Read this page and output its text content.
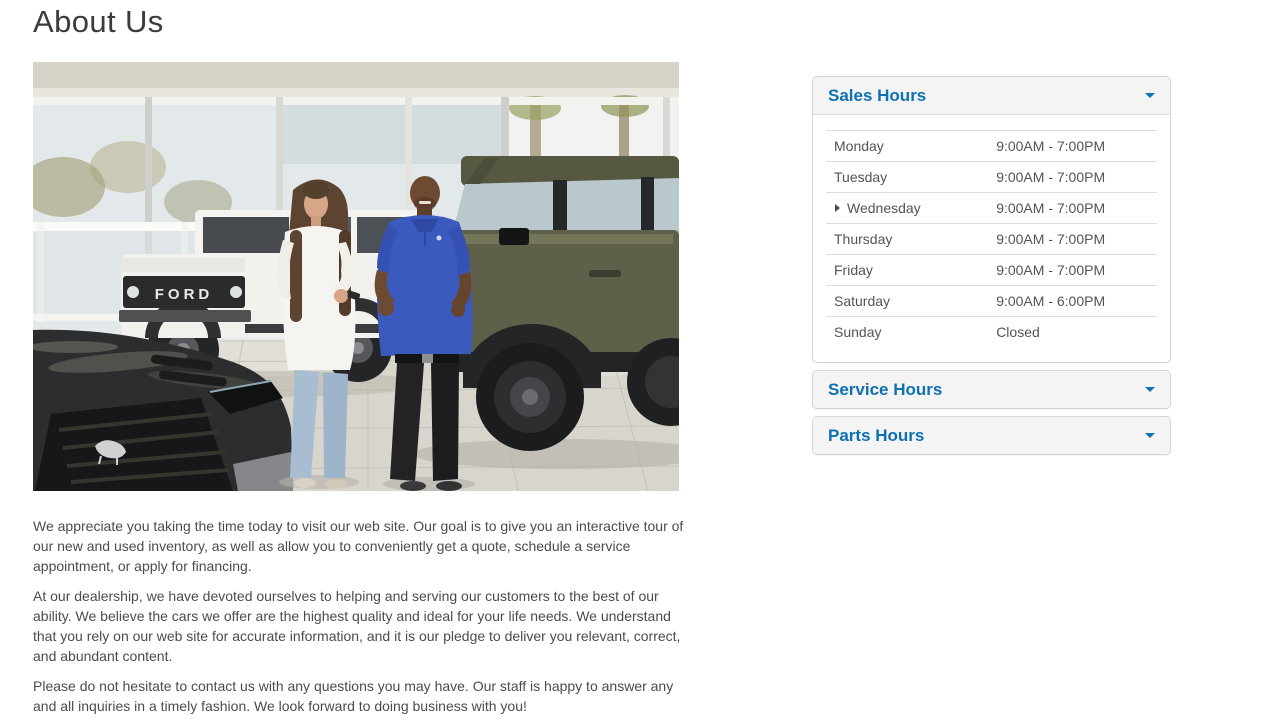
About Us
FORD

We appreciate you taking the time today to visit our web site. Our goal is to give you an interactive tour of our new and used inventory, as well as allow you to conveniently get a quote, schedule a service appointment, or apply for financing.

At our dealership, we have devoted ourselves to helping and serving our customers to the best of our ability. We believe the cars we offer are the highest quality and ideal for your life needs. We understand that you rely on our web site for accurate information, and it is our pledge to deliver you relevant, correct, and abundant content.

Please do not hesitate to contact us with any questions you may have. Our staff is happy to answer any and all inquiries in a timely fashion. We look forward to doing business with you!

Sales Hours
Monday	9:00AM - 7:00PM
Tuesday	9:00AM - 7:00PM
Wednesday	9:00AM - 7:00PM
Thursday	9:00AM - 7:00PM
Friday	9:00AM - 7:00PM
Saturday	9:00AM - 6:00PM
Sunday	Closed
Service Hours
Parts Hours
